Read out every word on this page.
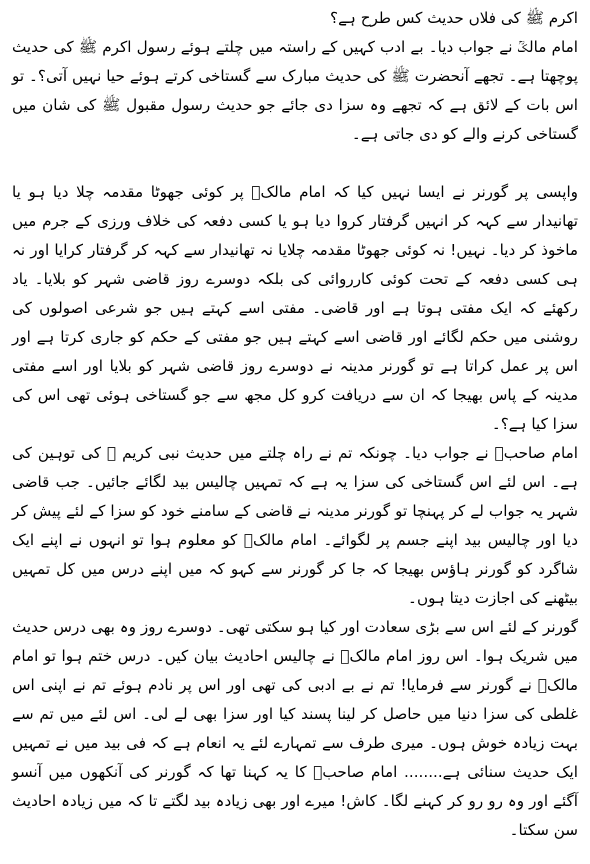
اکرم ﷺ کی فلاں حدیث کس طرح ہے؟

امام مالکؒ نے جواب دیا۔ بے ادب کہیں کے راستہ میں چلتے ہوئے رسول اکرم ﷺ کی حدیث پوچھتا ہے۔ تجھے آنحضرت ﷺ کی حدیث مبارک سے گستاخی کرتے ہوئے حیا نہیں آتی؟۔ تو اس بات کے لائق ہے کہ تجھے وہ سزا دی جائے جو حدیث رسول مقبول ﷺ کی شان میں گستاخی کرنے والے کو دی جاتی ہے۔

واپسی پر گورنر نے ایسا نہیں کیا کہ امام مالکؒ پر کوئی جھوٹا مقدمہ چلا دیا ہو یا تھانیدار سے کہہ کر انہیں گرفتار کروا دیا ہو یا کسی دفعہ کی خلاف ورزی کے جرم میں ماخوذ کر دیا۔ نہیں! نہ کوئی جھوٹا مقدمہ چلایا نہ تھانیدار سے کہہ کر گرفتار کرایا اور نہ ہی کسی دفعہ کے تحت کوئی کارروائی کی بلکہ دوسرے روز قاضی شہر کو بلایا۔ یاد رکھئے کہ ایک مفتی ہوتا ہے اور قاضی۔ مفتی اسے کہتے ہیں جو شرعی اصولوں کی روشنی میں حکم لگائے اور قاضی اسے کہتے ہیں جو مفتی کے حکم کو جاری کرتا ہے اور اس پر عمل کراتا ہے تو گورنر مدینہ نے دوسرے روز قاضی شہر کو بلایا اور اسے مفتی مدینہ کے پاس بھیجا کہ ان سے دریافت کرو کل مجھ سے جو گستاخی ہوئی تھی اس کی سزا کیا ہے؟۔

امام صاحبؒ نے جواب دیا۔ چونکہ تم نے راہ چلتے میں حدیث نبی کریم ﷺ کی توہین کی ہے۔ اس لئے اس گستاخی کی سزا یہ ہے کہ تمہیں چالیس بید لگائے جائیں۔ جب قاضی شہر یہ جواب لے کر پہنچا تو گورنر مدینہ نے قاضی کے سامنے خود کو سزا کے لئے پیش کر دیا اور چالیس بید اپنے جسم پر لگوائے۔ امام مالکؒ کو معلوم ہوا تو انہوں نے اپنے ایک شاگرد کو گورنر ہاؤس بھیجا کہ جا کر گورنر سے کہو کہ میں اپنے درس میں کل تمہیں بیٹھنے کی اجازت دیتا ہوں۔

گورنر کے لئے اس سے بڑی سعادت اور کیا ہو سکتی تھی۔ دوسرے روز وہ بھی درس حدیث میں شریک ہوا۔ اس روز امام مالکؒ نے چالیس احادیث بیان کیں۔ درس ختم ہوا تو امام مالکؒ نے گورنر سے فرمایا! تم نے بے ادبی کی تھی اور اس پر نادم ہوئے تم نے اپنی اس غلطی کی سزا دنیا میں حاصل کر لینا پسند کیا اور سزا بھی لے لی۔ اس لئے میں تم سے بہت زیادہ خوش ہوں۔ میری طرف سے تمہارے لئے یہ انعام ہے کہ فی بید میں نے تمہیں ایک حدیث سنائی ہے........ امام صاحبؒ کا یہ کہنا تھا کہ گورنر کی آنکھوں میں آنسو آگئے اور وہ رو رو کر کہنے لگا۔ کاش! میرے اور بھی زیادہ بید لگتے تا کہ میں زیادہ احادیث سن سکتا۔
